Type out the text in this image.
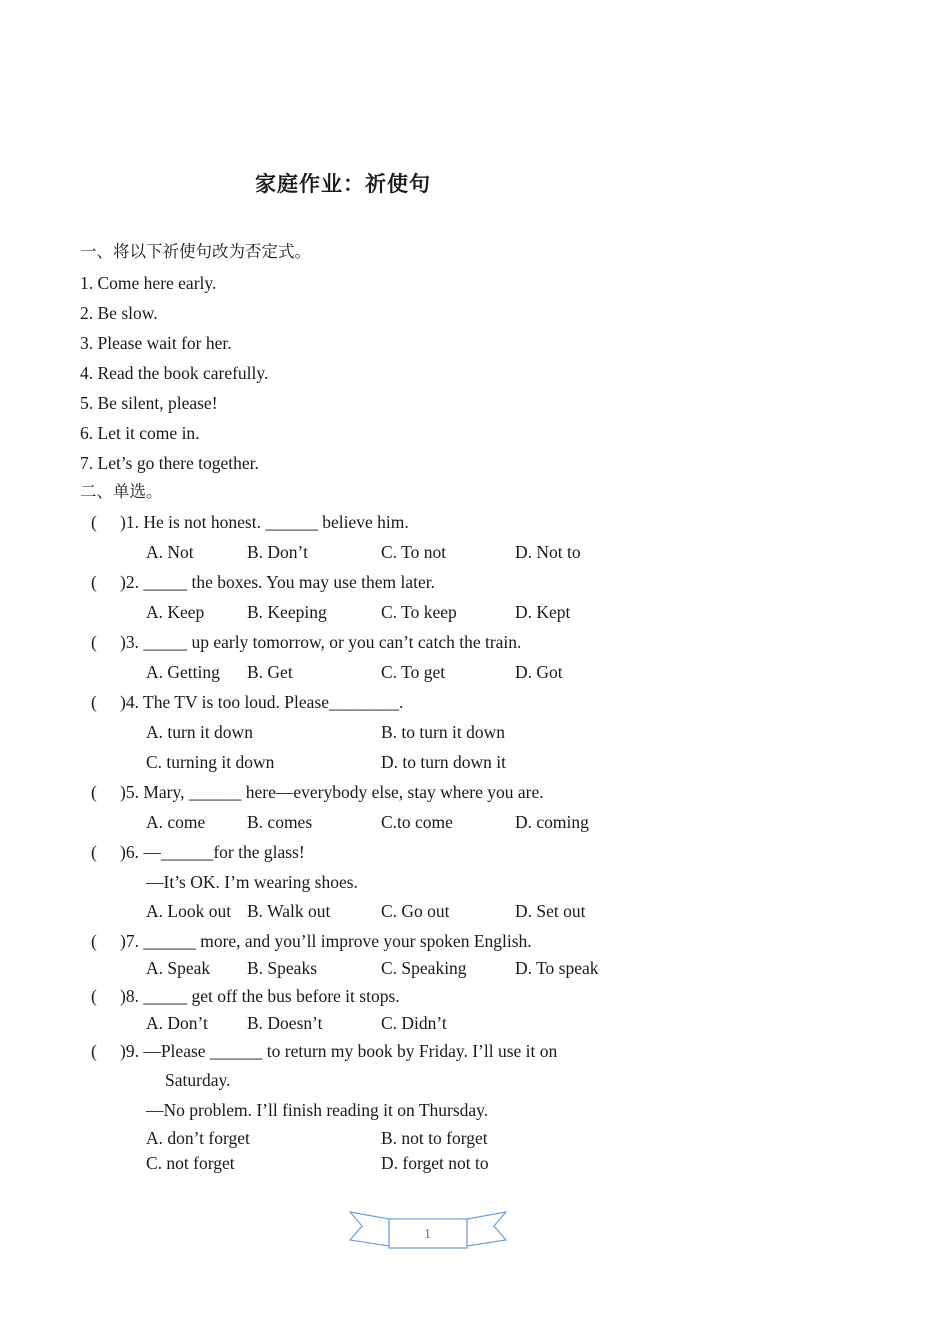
家庭作业：祈使句
一、将以下祈使句改为否定式。
1. Come here early.
2. Be slow.
3. Please wait for her.
4. Read the book carefully.
5. Be silent, please!
6. Let it come in.
7. Let’s go there together.
二、单选。
( )1. He is not honest. ______ believe him.
A. Not	B. Don’t	C. To not	D. Not to
( )2. _____ the boxes. You may use them later.
A. Keep B. Keeping	C. To keep	D. Kept
( )3. _____ up early tomorrow, or you can’t catch the train.
A. Getting B. Get	C. To get	D. Got
( )4. The TV is too loud. Please________.
A. turn it down	B. to turn it down
C. turning it down	D. to turn down it
( )5. Mary, ______ here—everybody else, stay where you are.
A. come B. comes	C.to come	D. coming
( )6. —______for the glass!
—It’s OK. I’m wearing shoes.
A. Look out B. Walk out	C. Go out	D. Set out
( )7. ______ more, and you’ll improve your spoken English.
A. Speak B. Speaks	C. Speaking	D. To speak
( )8. _____ get off the bus before it stops.
A. Don’t B. Doesn’t	C. Didn’t
( )9. —Please ______ to return my book by Friday. I’ll use it on
Saturday.
—No problem. I’ll finish reading it on Thursday.
A. don’t forget	B. not to forget
C. not forget	D. forget not to
1
